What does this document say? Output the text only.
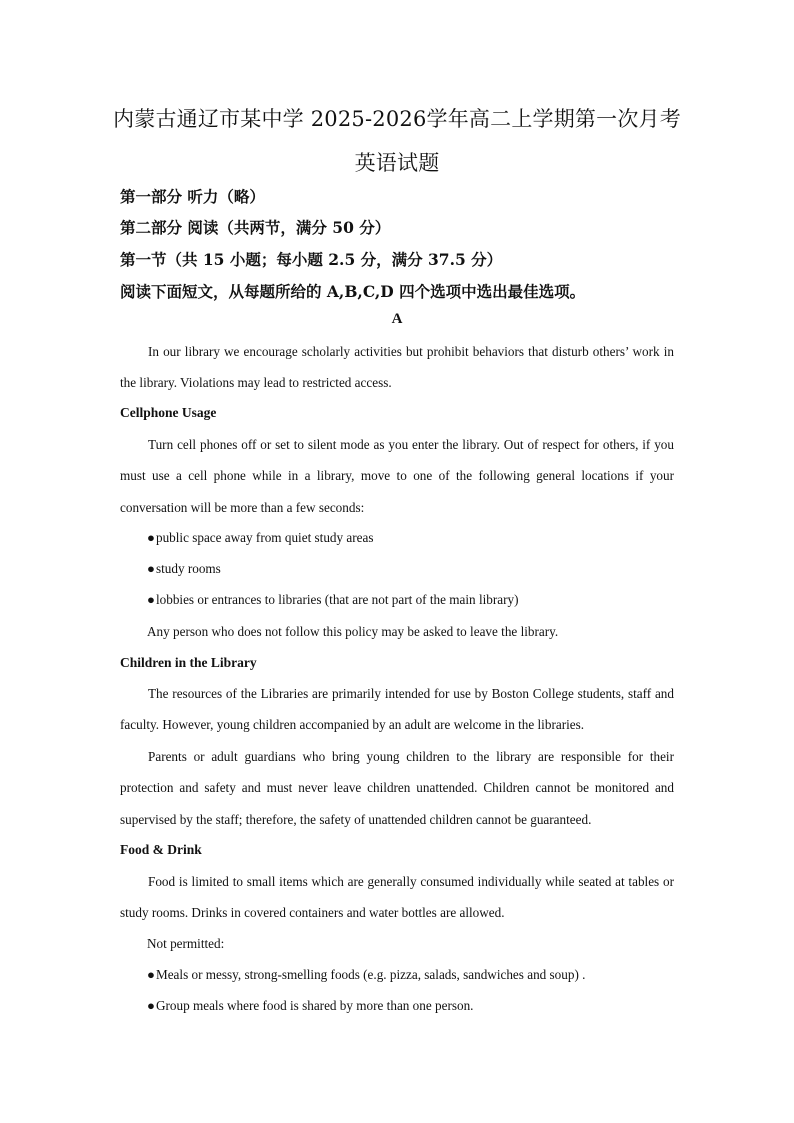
内蒙古通辽市某中学 2025-2026学年高二上学期第一次月考
英语试题
第一部分 听力（略）
第二部分 阅读（共两节，满分 50 分）
第一节（共 15 小题；每小题 2.5 分，满分 37.5 分）
阅读下面短文，从每题所给的 A,B,C,D 四个选项中选出最佳选项。
A

In our library we encourage scholarly activities but prohibit behaviors that disturb others’ work in the library. Violations may lead to restricted access.

Cellphone Usage

Turn cell phones off or set to silent mode as you enter the library. Out of respect for others, if you must use a cell phone while in a library, move to one of the following general locations if your conversation will be more than a few seconds:

●public space away from quiet study areas
●study rooms
●lobbies or entrances to libraries (that are not part of the main library)
Any person who does not follow this policy may be asked to leave the library.
Children in the Library

The resources of the Libraries are primarily intended for use by Boston College students, staff and faculty. However, young children accompanied by an adult are welcome in the libraries.

Parents or adult guardians who bring young children to the library are responsible for their protection and safety and must never leave children unattended. Children cannot be monitored and supervised by the staff; therefore, the safety of unattended children cannot be guaranteed.

Food & Drink

Food is limited to small items which are generally consumed individually while seated at tables or study rooms. Drinks in covered containers and water bottles are allowed.

Not permitted:
●Meals or messy, strong-smelling foods (e.g. pizza, salads, sandwiches and soup) .
●Group meals where food is shared by more than one person.
